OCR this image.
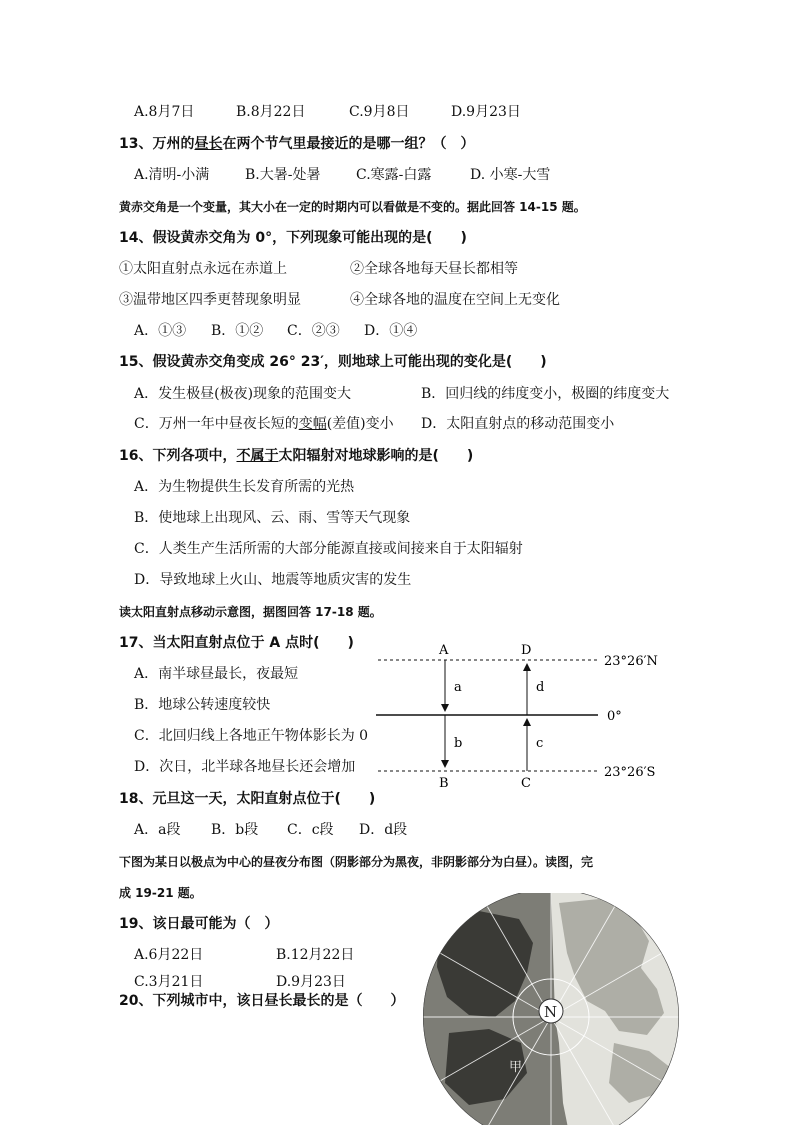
A.8月7日	B.8月22日	C.9月8日	D.9月23日
13、万州的昼长在两个节气里最接近的是哪一组？（　）
A.清明-小满	B.大暑-处暑	C.寒露-白露	D. 小寒-大雪
黄赤交角是一个变量，其大小在一定的时期内可以看做是不变的。据此回答 14-15 题。
14、假设黄赤交角为 0°，下列现象可能出现的是(　　)
①太阳直射点永远在赤道上	②全球各地每天昼长都相等
③温带地区四季更替现象明显	④全球各地的温度在空间上无变化
A．①③ B．①② C．②③ D．①④
15、假设黄赤交角变成 26° 23′，则地球上可能出现的变化是(　　)
A．发生极昼(极夜)现象的范围变大	B．回归线的纬度变小，极圈的纬度变大
C．万州一年中昼夜长短的变幅(差值)变小 D．太阳直射点的移动范围变小
16、下列各项中，不属于太阳辐射对地球影响的是(　　)
A．为生物提供生长发育所需的光热
B．使地球上出现风、云、雨、雪等天气现象
C．人类生产生活所需的大部分能源直接或间接来自于太阳辐射
D．导致地球上火山、地震等地质灾害的发生
读太阳直射点移动示意图，据图回答 17-18 题。
17、当太阳直射点位于 A 点时(　　)
A．南半球昼最长，夜最短
B．地球公转速度较快
C．北回归线上各地正午物体影长为 0
D．次日，北半球各地昼长还会增加
A	D
B	C
a
b	c
d
23°26′N
0°
23°26′S
18、元旦这一天，太阳直射点位于(　　)
A．a段 B．b段 C．c段 D．d段
下图为某日以极点为中心的昼夜分布图（阴影部分为黑夜，非阴影部分为白昼）。读图，完
成 19-21 题。
19、该日最可能为（　）
A.6月22日	B.12月22日
C.3月21日	D.9月23日
20、下列城市中，该日昼长最长的是（　　）
N
甲
